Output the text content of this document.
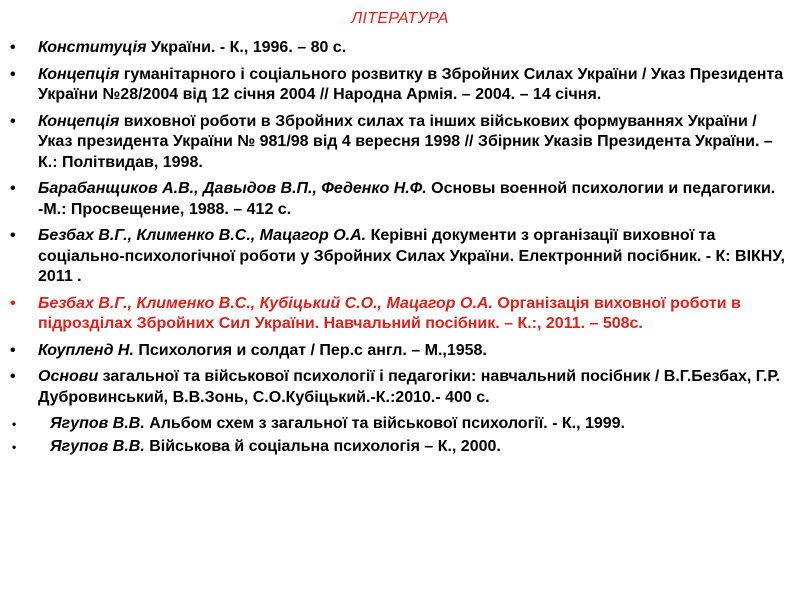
ЛІТЕРАТУРА
•	Конституція України. - К., 1996. – 80 с.
•	Концепція гуманітарного і соціального розвитку в Збройних Силах України / Указ Президента України №28/2004 від 12 січня 2004 // Народна Армія. – 2004. – 14 січня.
•	Концепція виховної роботи в Збройних силах та інших військових формуваннях України / Указ президента України № 981/98 від 4 вересня 1998 // Збірник Указів Президента України. – К.: Політвидав, 1998.
•	Барабанщиков А.В., Давыдов В.П., Феденко Н.Ф. Основы военной психологии и педагогики. -М.: Просвещение, 1988. – 412 с.
•	Безбах В.Г., Клименко В.С., Мацагор О.А. Керівні документи з організації виховної та соціально-психологічної роботи у Збройних Силах України. Електронний посібник. - К: ВІКНУ, 2011 .
•	Безбах В.Г., Клименко В.С., Кубіцький С.О., Мацагор О.А. Організація виховної роботи в підрозділах Збройних Сил України. Навчальний посібник. – К.:, 2011. – 508с.
•	Коупленд Н. Психология и солдат / Пер.с англ. – М.,1958.
•	Основи загальної та військової психології і педагогіки: навчальний посібник / В.Г.Безбах, Г.Р. Дубровинський, В.В.Зонь, С.О.Кубіцький.-К.:2010.- 400 с.
•	Ягупов В.В. Альбом схем з загальної та військової психології. - К., 1999.
•	Ягупов В.В. Військова й соціальна психологія – К., 2000.
